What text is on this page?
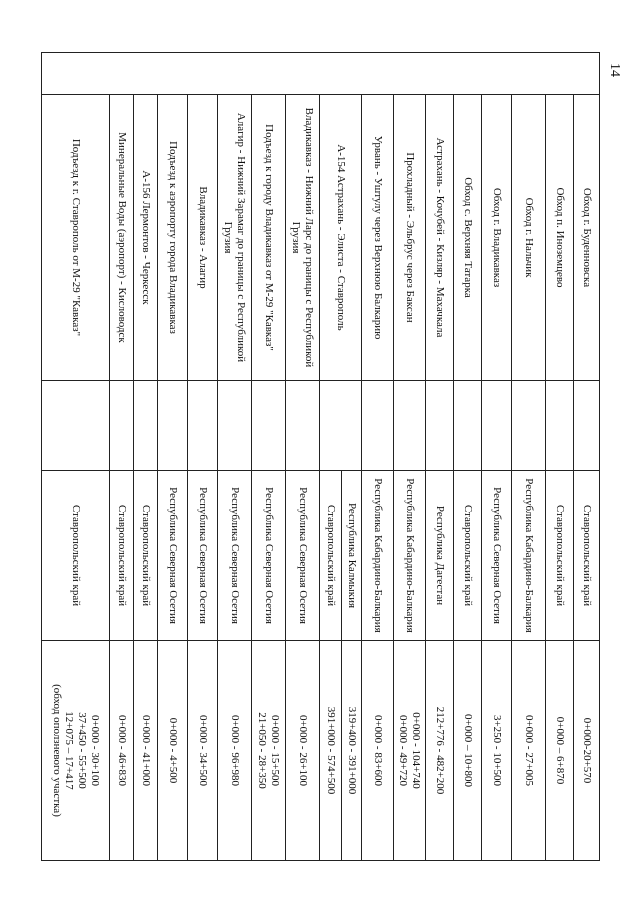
14
	Обход г. Буденновска		Ставропольский край	0+000-20+570
	Обход п. Иноземцево		Ставропольский край	0+000 – 6+870
	Обход г. Нальчик		Республика Кабардино-Балкария	0+000 - 27+005
	Обход г. Владикавказ		Республика Северная Осетия	3+250 - 10+500
	Обход с. Верхняя Татарка		Ставропольский край	0+000 – 10+800
	Астрахань - Кочубей - Кизляр - Махачкала		Республика Дагестан	212+776 - 482+200
	Прохладный - Эльбрус через Баксан		Республика Кабардино-Балкария	0+000 - 104+740
0+000 - 49+720
	Урвань - Уштулу через Верхнюю Балкарию		Республика Кабардино-Балкария	0+000 - 83+600
	А-154 Астрахань - Элиста - Ставрополь		Республика Калмыкия	319+400 - 391+000
			Ставропольский край	391+000 - 574+500
	Владикавказ - Нижний Ларс до границы с Республикой Грузия		Республика Северная Осетия	0+000 - 26+100
	Подъезд к городу Владикавказ от М-29 "Кавказ"		Республика Северная Осетия	0+000 - 15+500
21+050 - 28+350
	Алагир - Нижний Зарамаг до границы с Республикой Грузия		Республика Северная Осетия	0+000 - 96+980
	Владикавказ - Алагир		Республика Северная Осетия	0+000 - 34+500
	Подъезд к аэропорту города Владикавказ		Республика Северная Осетия	0+000 - 4+500
	А-156 Лермонтов - Черкесск		Ставропольский край	0+000 - 41+000
	Минеральные Воды (аэропорт) - Кисловодск		Ставропольский край	0+000 - 46+830
	Подъезд к г. Ставрополь от М-29 "Кавказ"		Ставропольский край	0+000 - 30+100
37+450 - 55+500
12+075 – 17+417
(обход оползневого участка)
